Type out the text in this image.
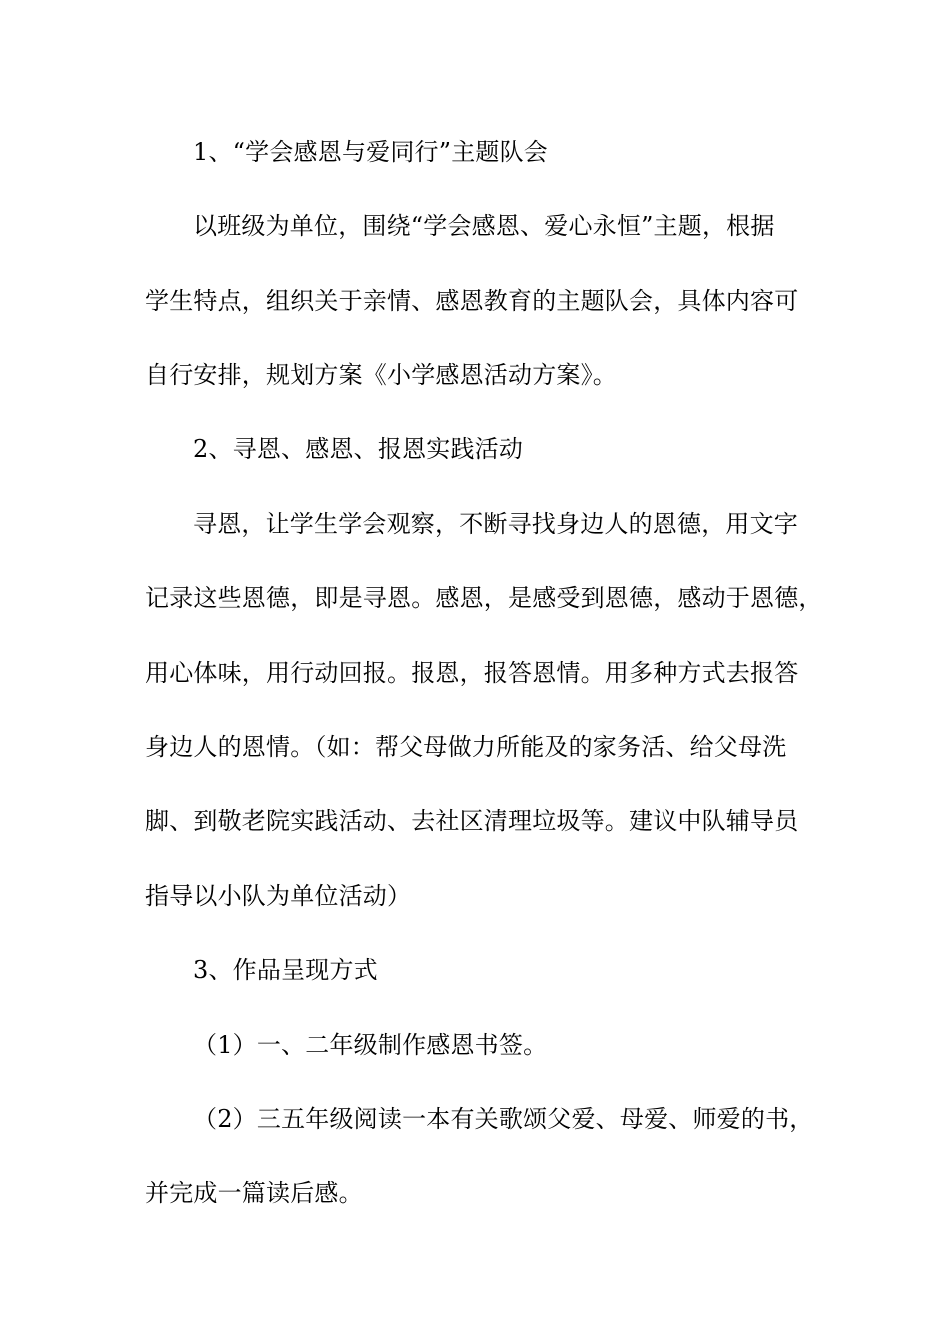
1、“学会感恩与爱同行”主题队会
以班级为单位，围绕“学会感恩、爱心永恒”主题，根据
学生特点，组织关于亲情、感恩教育的主题队会，具体内容可
自行安排，规划方案《小学感恩活动方案》。
2、寻恩、感恩、报恩实践活动
寻恩，让学生学会观察，不断寻找身边人的恩德，用文字
记录这些恩德，即是寻恩。感恩，是感受到恩德，感动于恩德，
用心体味，用行动回报。报恩，报答恩情。用多种方式去报答
身边人的恩情。（如：帮父母做力所能及的家务活、给父母洗
脚、到敬老院实践活动、去社区清理垃圾等。建议中队辅导员
指导以小队为单位活动）
3、作品呈现方式
（1）一、二年级制作感恩书签。
（2）三五年级阅读一本有关歌颂父爱、母爱、师爱的书，
并完成一篇读后感。
